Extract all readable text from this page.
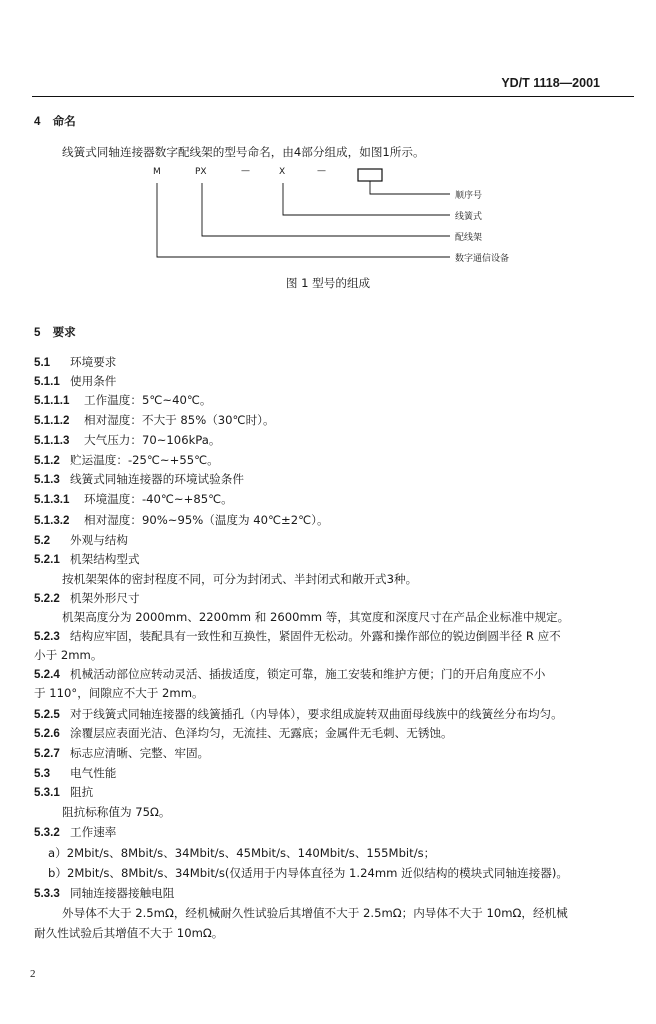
YD/T 1118—2001
4 命名
线簧式同轴连接器数字配线架的型号命名，由4部分组成，如图1所示。
M	PX	—	X	—
顺序号
线簧式
配线架
数字通信设备
图 1 型号的组成
5 要求
5.1 环境要求
5.1.1 使用条件
5.1.1.1 工作温度：5℃~40℃。
5.1.1.2 相对湿度：不大于 85%（30℃时）。
5.1.1.3 大气压力：70~106kPa。
5.1.2 贮运温度：-25℃~+55℃。
5.1.3 线簧式同轴连接器的环境试验条件
5.1.3.1 环境温度：-40℃~+85℃。
5.1.3.2 相对湿度：90%~95%（温度为 40℃±2℃）。
5.2 外观与结构
5.2.1 机架结构型式
按机架架体的密封程度不同，可分为封闭式、半封闭式和敞开式3种。
5.2.2 机架外形尺寸
机架高度分为 2000mm、2200mm 和 2600mm 等，其宽度和深度尺寸在产品企业标准中规定。
5.2.3 结构应牢固，装配具有一致性和互换性，紧固件无松动。外露和操作部位的锐边倒圆半径 R 应不
小于 2mm。
5.2.4 机械活动部位应转动灵活、插拔适度，锁定可靠，施工安装和维护方便；门的开启角度应不小
于 110°，间隙应不大于 2mm。
5.2.5 对于线簧式同轴连接器的线簧插孔（内导体），要求组成旋转双曲面母线族中的线簧丝分布均匀。
5.2.6 涂覆层应表面光洁、色泽均匀，无流挂、无露底；金属件无毛刺、无锈蚀。
5.2.7 标志应清晰、完整、牢固。
5.3 电气性能
5.3.1 阻抗
阻抗标称值为 75Ω。
5.3.2 工作速率
a）2Mbit/s、8Mbit/s、34Mbit/s、45Mbit/s、140Mbit/s、155Mbit/s；
b）2Mbit/s、8Mbit/s、34Mbit/s(仅适用于内导体直径为 1.24mm 近似结构的模块式同轴连接器)。
5.3.3 同轴连接器接触电阻
外导体不大于 2.5mΩ，经机械耐久性试验后其增值不大于 2.5mΩ；内导体不大于 10mΩ，经机械
耐久性试验后其增值不大于 10mΩ。
2
